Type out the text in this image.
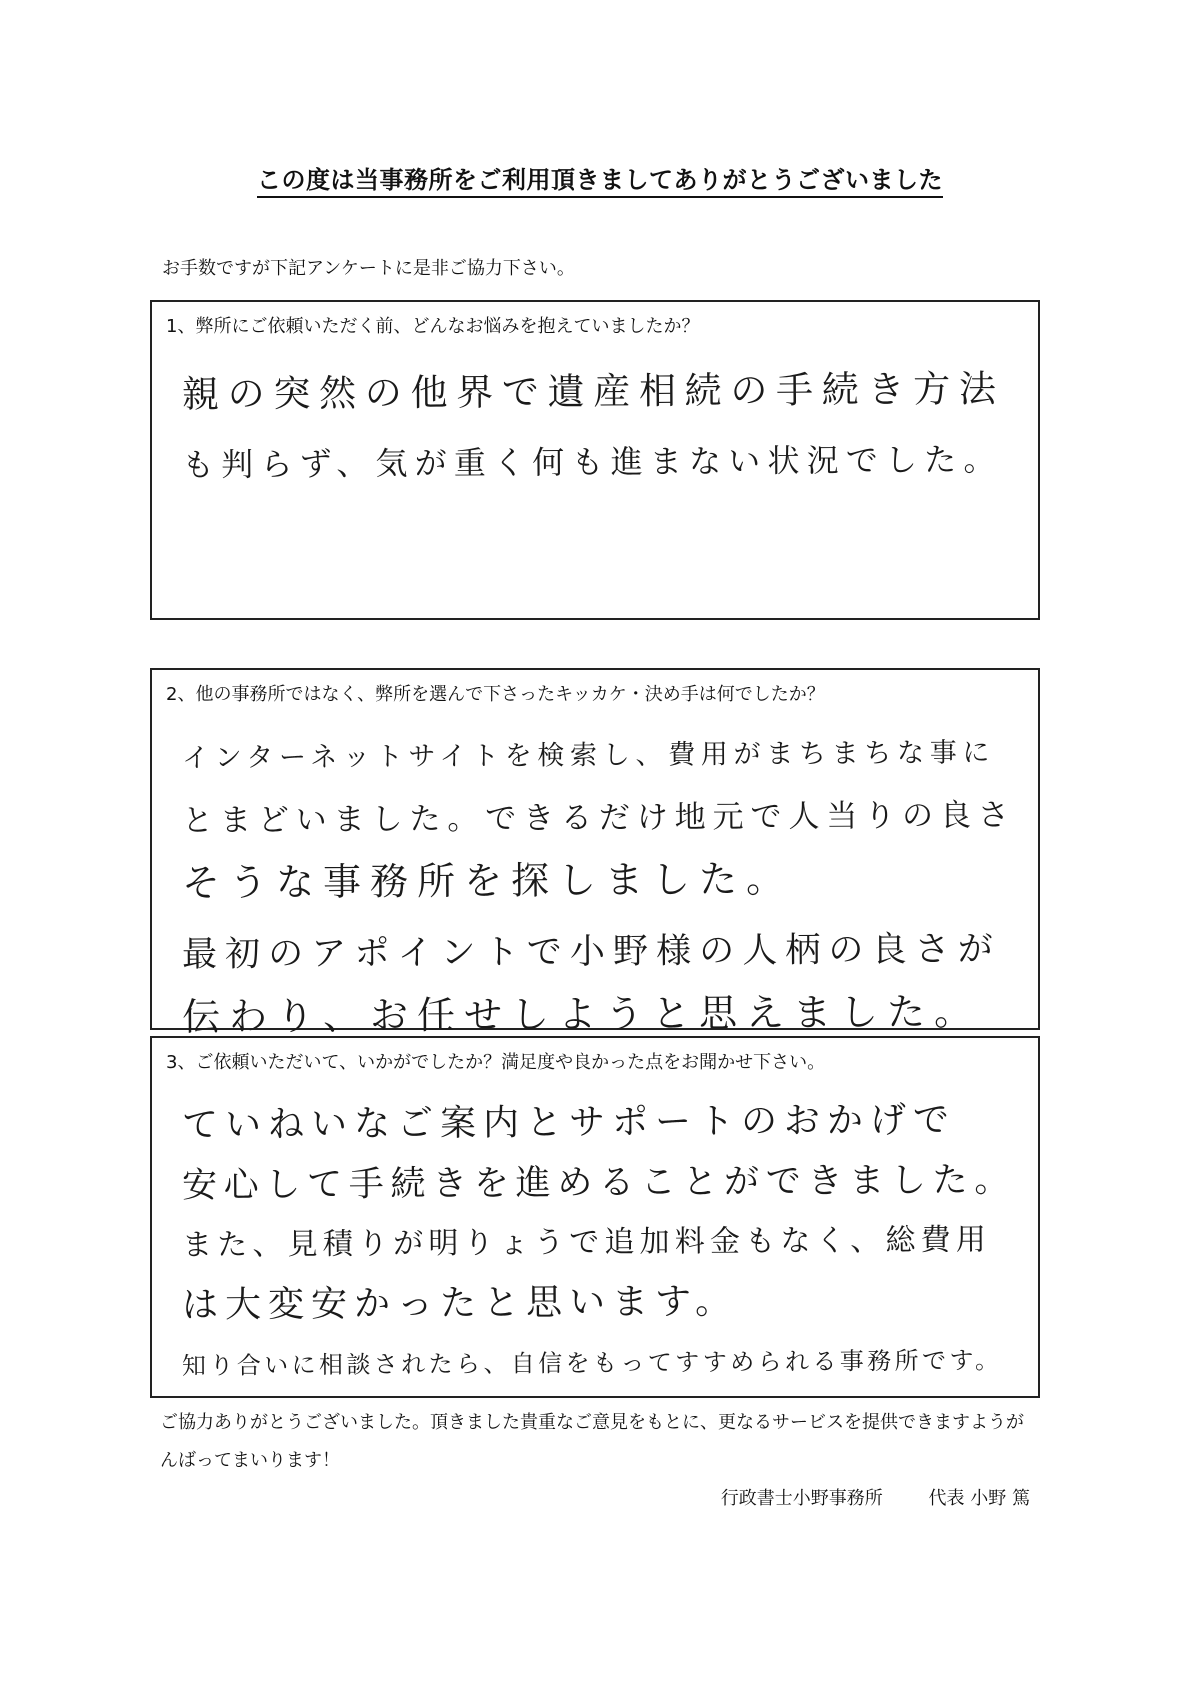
この度は当事務所をご利用頂きましてありがとうございました
お手数ですが下記アンケートに是非ご協力下さい。
1、弊所にご依頼いただく前、どんなお悩みを抱えていましたか？
親の突然の他界で遺産相続の手続き方法
も判らず、気が重く何も進まない状況でした。
2、他の事務所ではなく、弊所を選んで下さったキッカケ・決め手は何でしたか？
インターネットサイトを検索し、費用がまちまちな事に
とまどいました。できるだけ地元で人当りの良さ
そうな事務所を探しました。
最初のアポイントで小野様の人柄の良さが
伝わり、お任せしようと思えました。
3、ご依頼いただいて、いかがでしたか？満足度や良かった点をお聞かせ下さい。
ていねいなご案内とサポートのおかげで
安心して手続きを進めることができました。
また、見積りが明りょうで追加料金もなく、総費用
は大変安かったと思います。
知り合いに相談されたら、自信をもってすすめられる事務所です。
ご協力ありがとうございました。頂きました貴重なご意見をもとに、更なるサービスを提供できますようがんばってまいります！
行政書士小野事務所	代表 小野 篤
